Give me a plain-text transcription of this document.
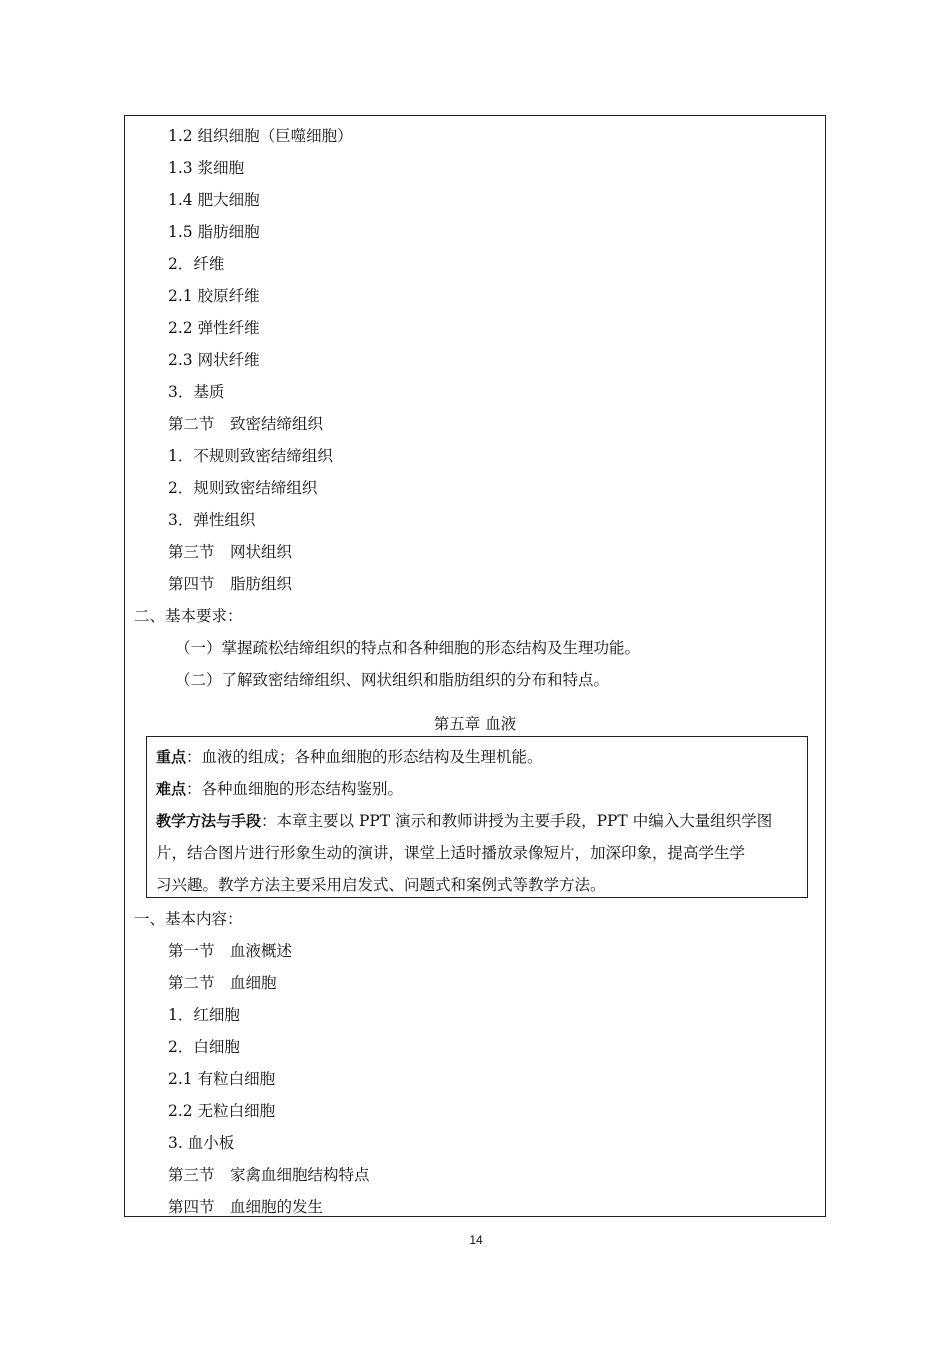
1.2 组织细胞（巨噬细胞）
1.3 浆细胞
1.4 肥大细胞
1.5 脂肪细胞
2．纤维
2.1 胶原纤维
2.2 弹性纤维
2.3 网状纤维
3．基质
第二节　致密结缔组织
1．不规则致密结缔组织
2．规则致密结缔组织
3．弹性组织
第三节　网状组织
第四节　脂肪组织
二、基本要求：
（一）掌握疏松结缔组织的特点和各种细胞的形态结构及生理功能。
（二）了解致密结缔组织、网状组织和脂肪组织的分布和特点。
第五章 血液
重点：血液的组成；各种血细胞的形态结构及生理机能。
难点：各种血细胞的形态结构鉴别。
教学方法与手段：本章主要以 PPT 演示和教师讲授为主要手段，PPT 中编入大量组织学图
片，结合图片进行形象生动的演讲，课堂上适时播放录像短片，加深印象，提高学生学
习兴趣。教学方法主要采用启发式、问题式和案例式等教学方法。
一、基本内容：
第一节　血液概述
第二节　血细胞
1．红细胞
2．白细胞
2.1 有粒白细胞
2.2 无粒白细胞
3. 血小板
第三节　家禽血细胞结构特点
第四节　血细胞的发生
14
